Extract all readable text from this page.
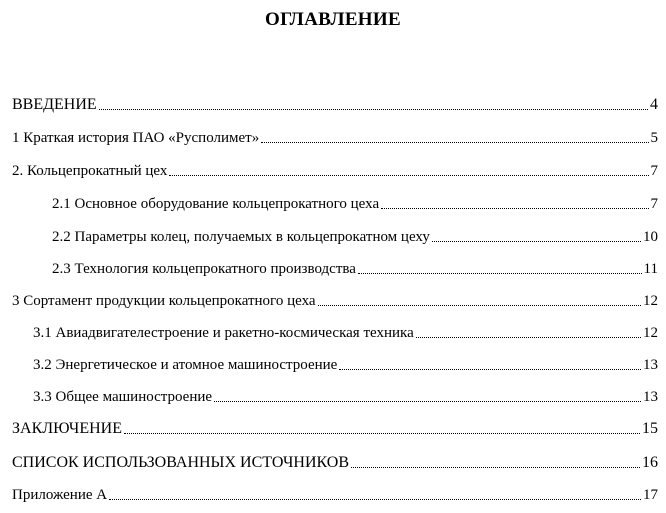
ОГЛАВЛЕНИЕ
ВВЕДЕНИЕ	4
1 Краткая история ПАО «Русполимет»	5
2. Кольцепрокатный цех	7
2.1 Основное оборудование кольцепрокатного цеха	7
2.2 Параметры колец, получаемых в кольцепрокатном цеху	10
2.3 Технология кольцепрокатного производства	11
3 Сортамент продукции кольцепрокатного цеха	12
3.1 Авиадвигателестроение и ракетно-космическая техника	12
3.2 Энергетическое и атомное машиностроение	13
3.3 Общее машиностроение	13
ЗАКЛЮЧЕНИЕ	15
СПИСОК ИСПОЛЬЗОВАННЫХ ИСТОЧНИКОВ	16
Приложение А	17
